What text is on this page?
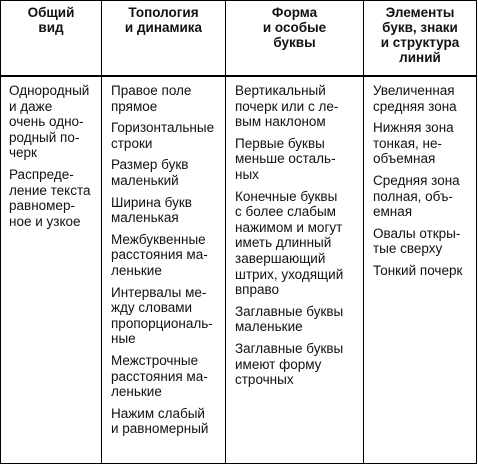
Общий
вид
Топология
и динамика
Форма
и особые
буквы
Элементы
букв, знаки
и структура
линий
Однородный
и даже
очень одно-
родный по-
черк
Распреде-
ление текста
равномер-
ное и узкое
Правое поле
прямое
Горизонтальные
строки
Размер букв
маленький
Ширина букв
маленькая
Межбуквенные
расстояния ма-
ленькие
Интервалы ме-
жду словами
пропорциональ-
ные
Межстрочные
расстояния ма-
ленькие
Нажим слабый
и равномерный
Вертикальный
почерк или с ле-
вым наклоном
Первые буквы
меньше осталь-
ных
Конечные буквы
с более слабым
нажимом и могут
иметь длинный
завершающий
штрих, уходящий
вправо
Заглавные буквы
маленькие
Заглавные буквы
имеют форму
строчных
Увеличенная
средняя зона
Нижняя зона
тонкая, не-
объемная
Средняя зона
полная, объ-
емная
Овалы откры-
тые сверху
Тонкий почерк
